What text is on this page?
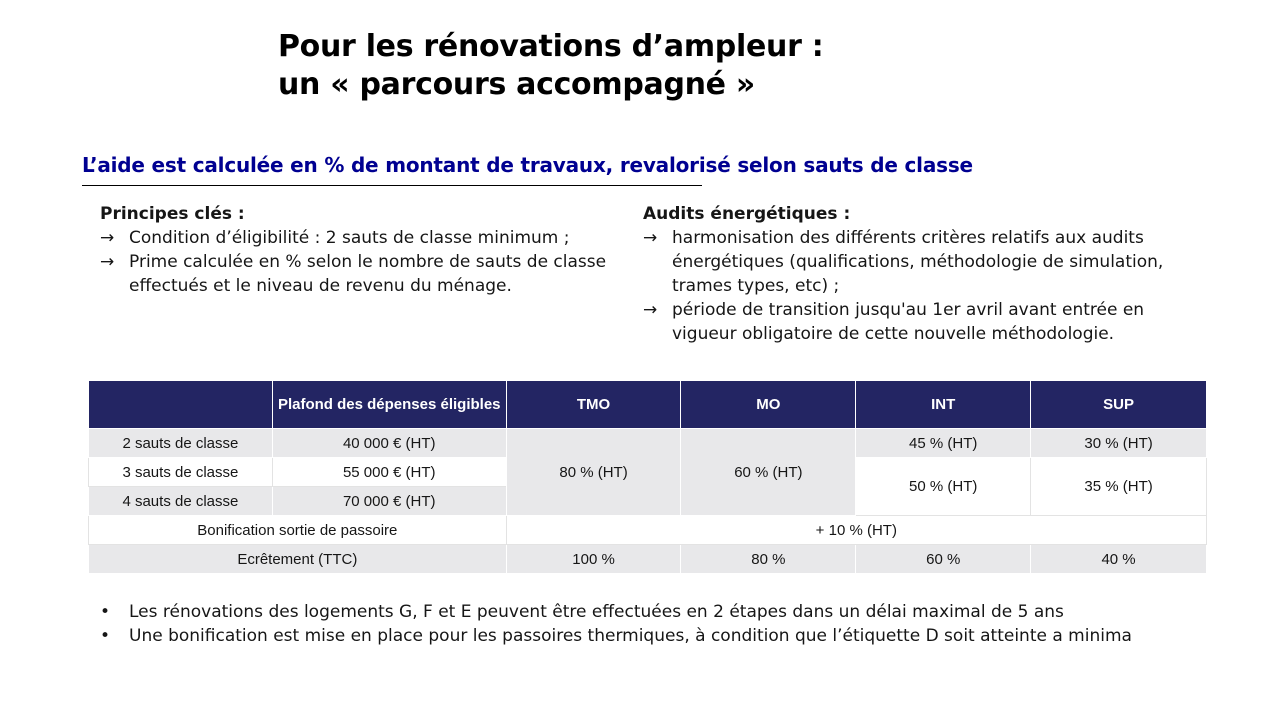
Pour les rénovations d’ampleur :
un « parcours accompagné »
L’aide est calculée en % de montant de travaux, revalorisé selon sauts de classe
Principes clés :
→ Condition d’éligibilité : 2 sauts de classe minimum ;
→ Prime calculée en % selon le nombre de sauts de classe effectués et le niveau de revenu du ménage.
Audits énergétiques :
→ harmonisation des différents critères relatifs aux audits énergétiques (qualifications, méthodologie de simulation, trames types, etc) ;
→ période de transition jusqu'au 1er avril avant entrée en vigueur obligatoire de cette nouvelle méthodologie.
	Plafond des dépenses éligibles	TMO	MO	INT	SUP
2 sauts de classe	40 000 € (HT)	80 % (HT)	60 % (HT)	45 % (HT)	30 % (HT)
3 sauts de classe	55 000 € (HT)			50 % (HT)	35 % (HT)
4 sauts de classe	70 000 € (HT)				
Bonification sortie de passoire		+ 10 % (HT)			
Ecrêtement (TTC)		100 %	80 %	60 %	40 %
• Les rénovations des logements G, F et E peuvent être effectuées en 2 étapes dans un délai maximal de 5 ans
• Une bonification est mise en place pour les passoires thermiques, à condition que l’étiquette D soit atteinte a minima
